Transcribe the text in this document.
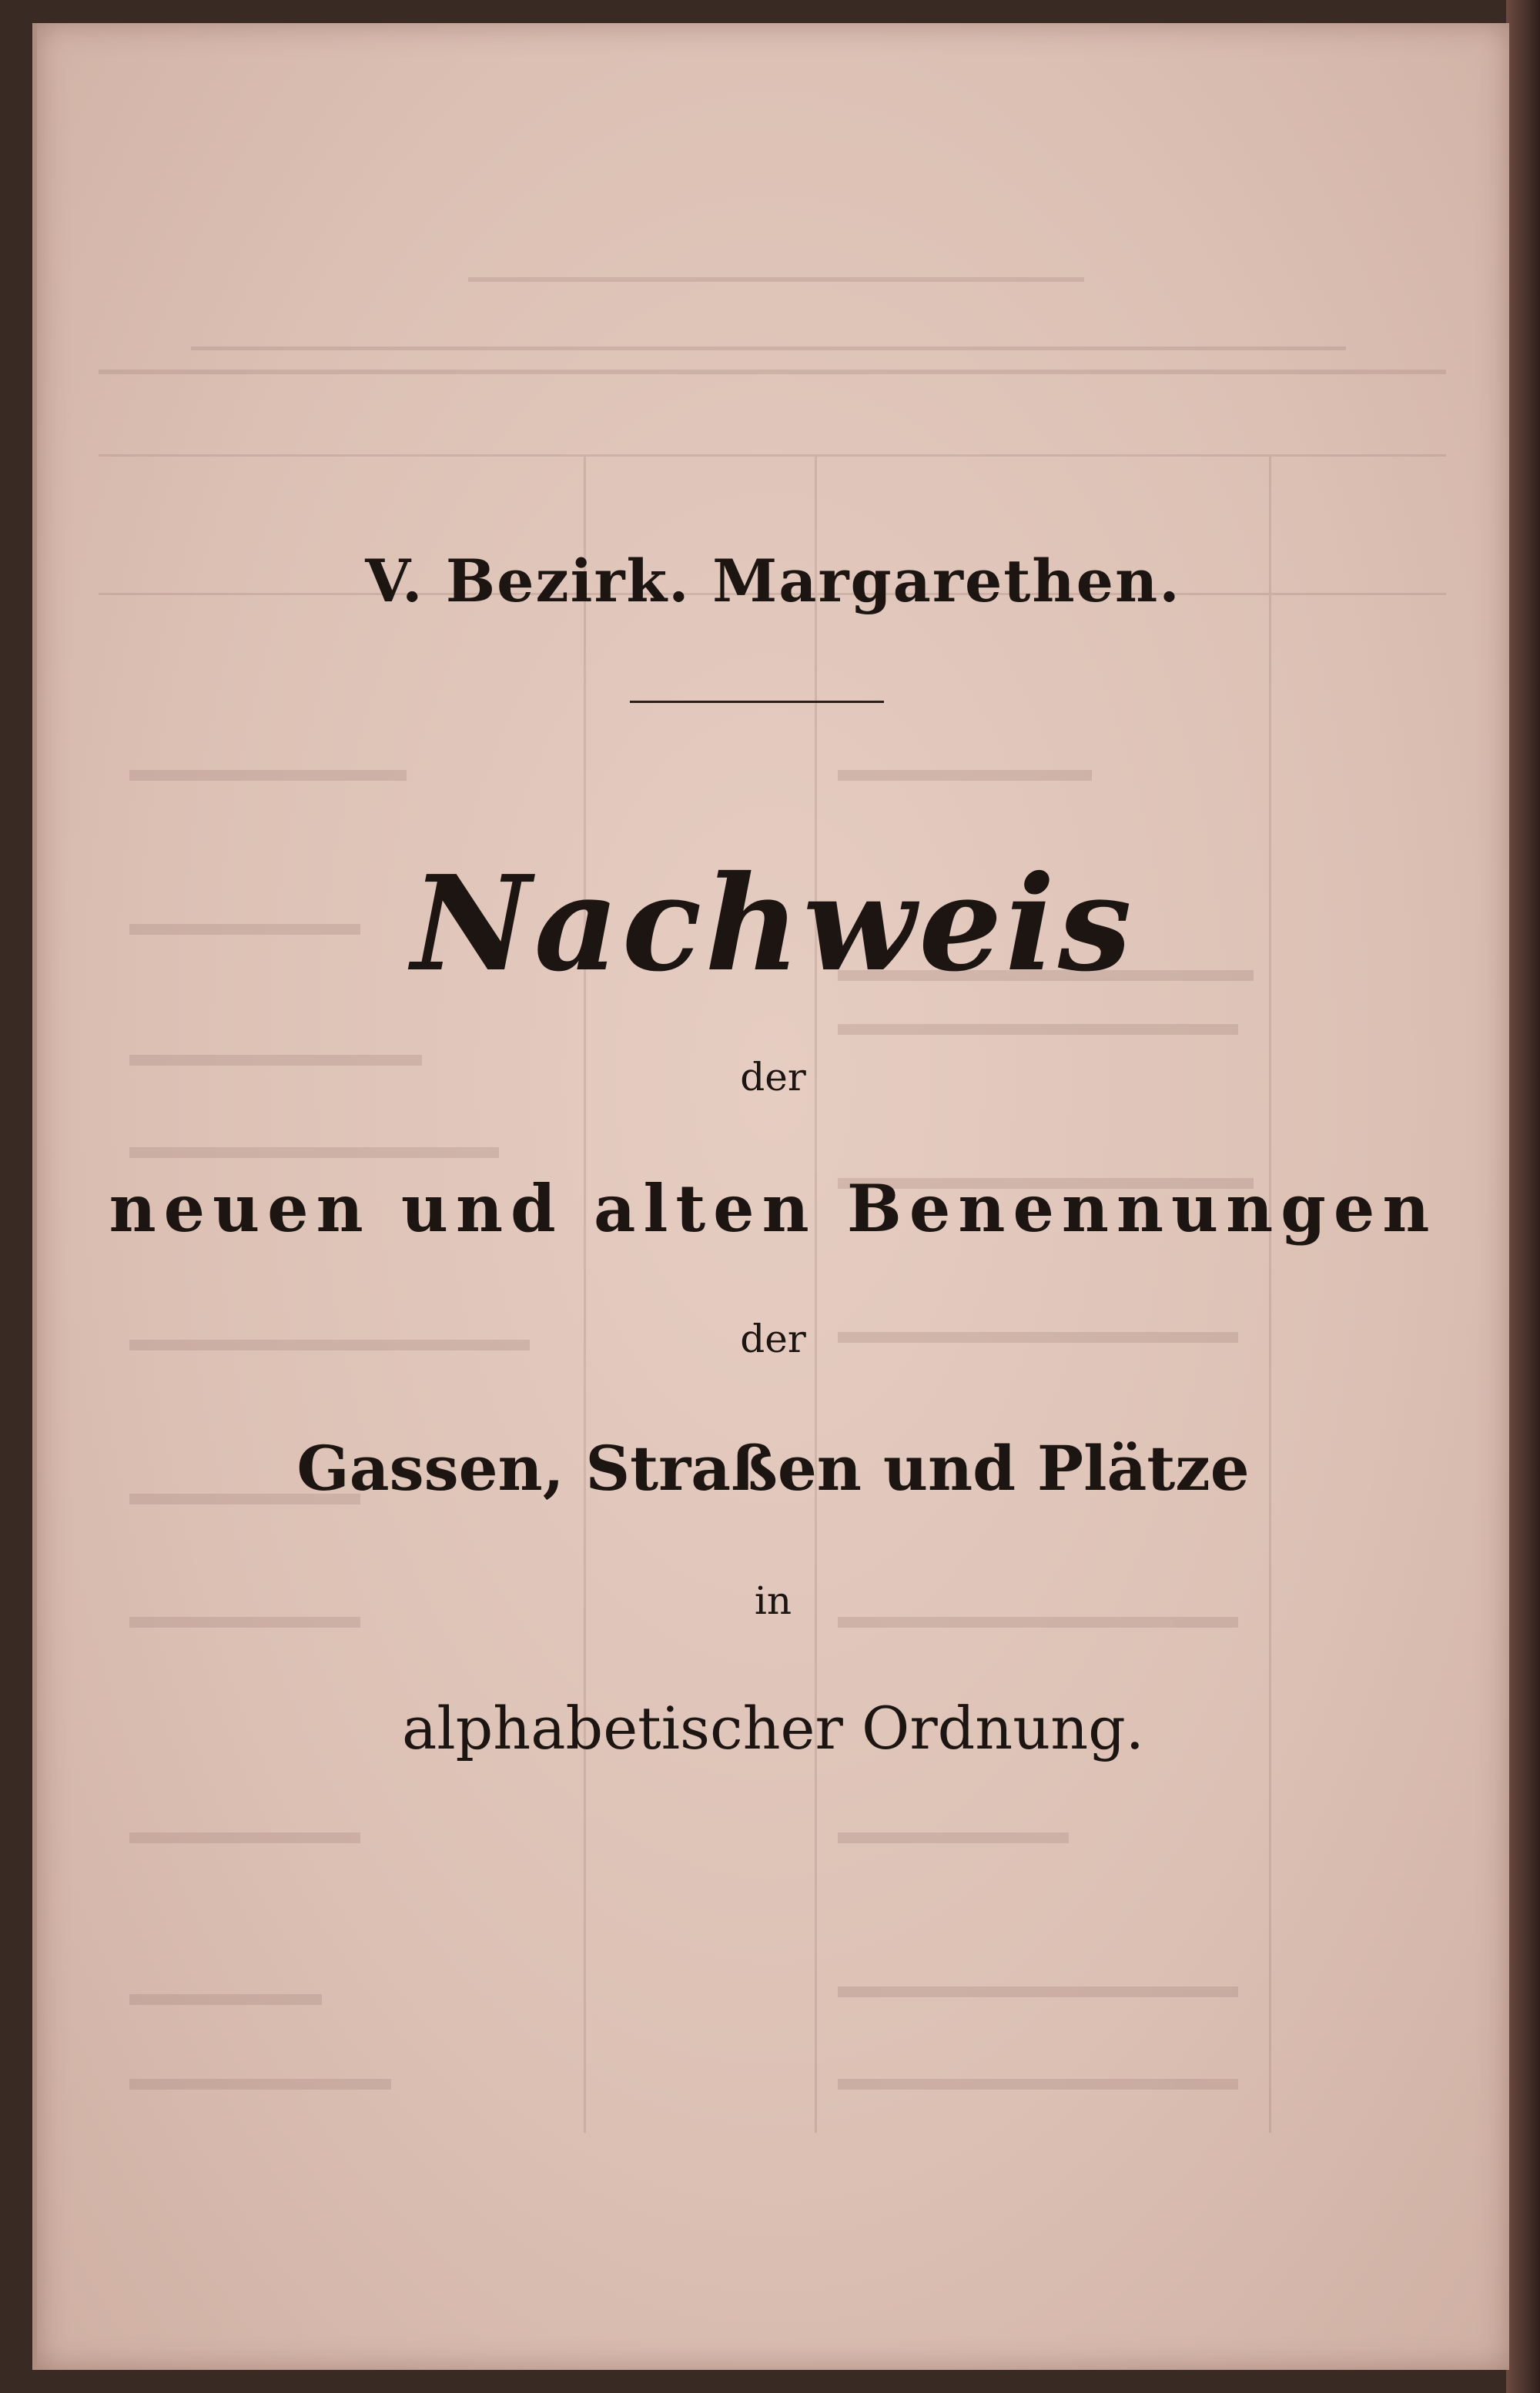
V. Bezirk. Margarethen.
Nachweis
der
neuen und alten Benennungen
der
Gassen, Straßen und Plätze
in
alphabetischer Ordnung.
